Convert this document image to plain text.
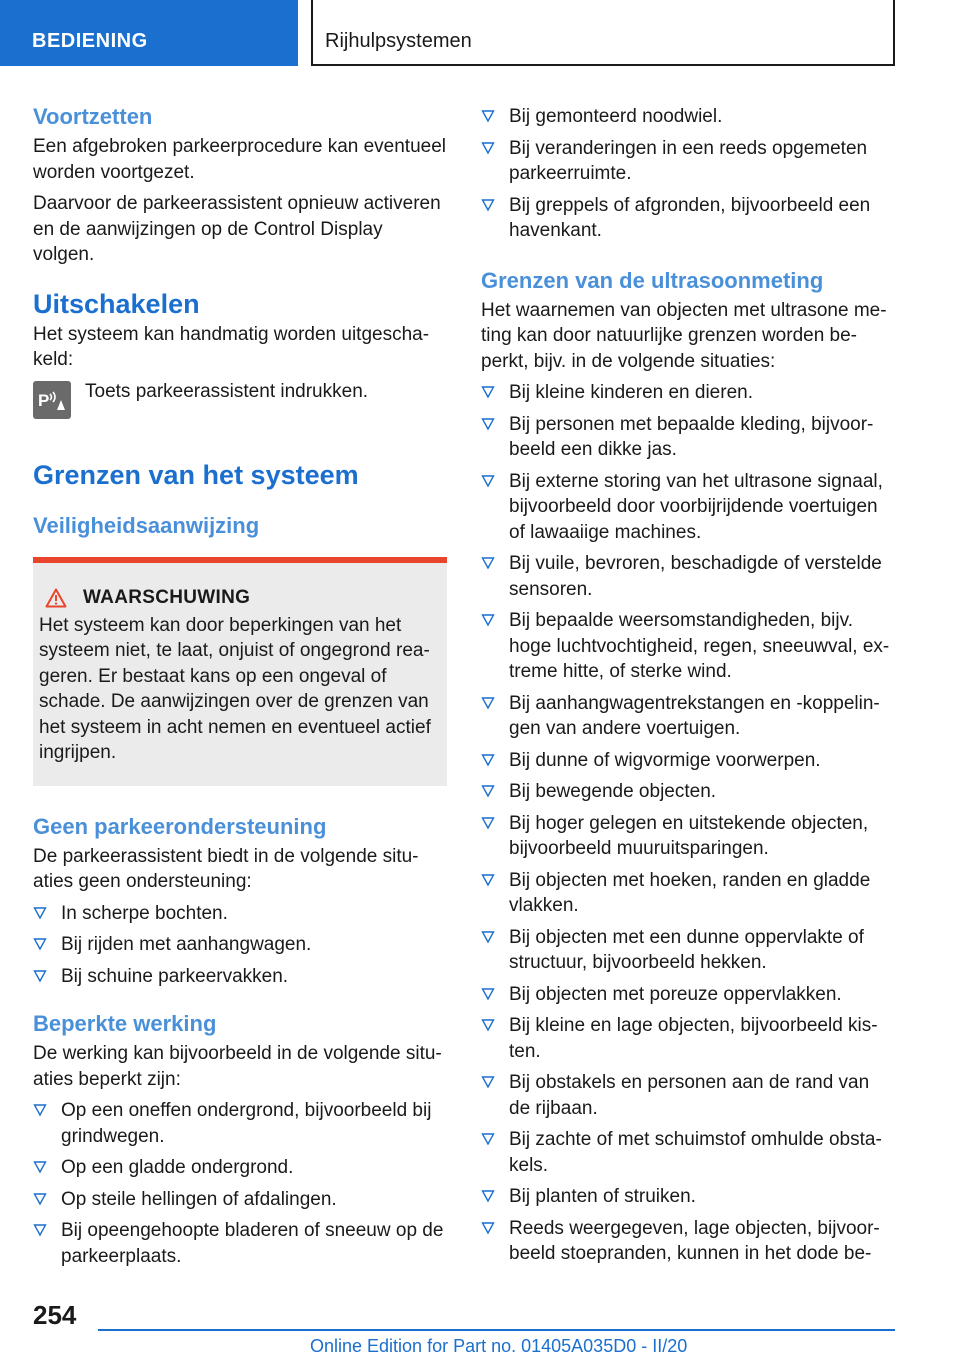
BEDIENING	Rijhulpsystemen
Voortzetten

Een afgebroken parkeerprocedure kan eventueel worden voortgezet.

Daarvoor de parkeerassistent opnieuw activeren en de aanwijzingen op de Control Display volgen.

Uitschakelen

Het systeem kan handmatig worden uitgescha‐keld:

P Toets parkeerassistent indrukken.

Grenzen van het systeem
Veiligheidsaanwijzing
WAARSCHUWING

Het systeem kan door beperkingen van het systeem niet, te laat, onjuist of ongegrond rea‐geren. Er bestaat kans op een ongeval of schade. De aanwijzingen over de grenzen van het systeem in acht nemen en eventueel actief ingrijpen.

Geen parkeerondersteuning

De parkeerassistent biedt in de volgende situ‐aties geen ondersteuning:

In scherpe bochten.
Bij rijden met aanhangwagen.
Bij schuine parkeervakken.
Beperkte werking

De werking kan bijvoorbeeld in de volgende situ‐aties beperkt zijn:

Op een oneffen ondergrond, bijvoorbeeld bij grindwegen.
Op een gladde ondergrond.
Op steile hellingen of afdalingen.
Bij opeengehoopte bladeren of sneeuw op de parkeerplaats.
Bij gemonteerd noodwiel.
Bij veranderingen in een reeds opgemeten parkeerruimte.
Bij greppels of afgronden, bijvoorbeeld een havenkant.
Grenzen van de ultrasoonmeting

Het waarnemen van objecten met ultrasone me‐ting kan door natuurlijke grenzen worden be‐perkt, bijv. in de volgende situaties:

Bij kleine kinderen en dieren.
Bij personen met bepaalde kleding, bijvoor‐beeld een dikke jas.
Bij externe storing van het ultrasone signaal, bijvoorbeeld door voorbijrijdende voertuigen of lawaaiige machines.
Bij vuile, bevroren, beschadigde of verstelde sensoren.
Bij bepaalde weersomstandigheden, bijv. hoge luchtvochtigheid, regen, sneeuwval, ex‐treme hitte, of sterke wind.
Bij aanhangwagentrekstangen en -koppelin‐gen van andere voertuigen.
Bij dunne of wigvormige voorwerpen.
Bij bewegende objecten.
Bij hoger gelegen en uitstekende objecten, bijvoorbeeld muuruitsparingen.
Bij objecten met hoeken, randen en gladde vlakken.
Bij objecten met een dunne oppervlakte of structuur, bijvoorbeeld hekken.
Bij objecten met poreuze oppervlakken.
Bij kleine en lage objecten, bijvoorbeeld kis‐ten.
Bij obstakels en personen aan de rand van de rijbaan.
Bij zachte of met schuimstof omhulde obsta‐kels.
Bij planten of struiken.
Reeds weergegeven, lage objecten, bijvoor‐beeld stoepranden, kunnen in het dode be‐
254
Online Edition for Part no. 01405A035D0 - II/20
